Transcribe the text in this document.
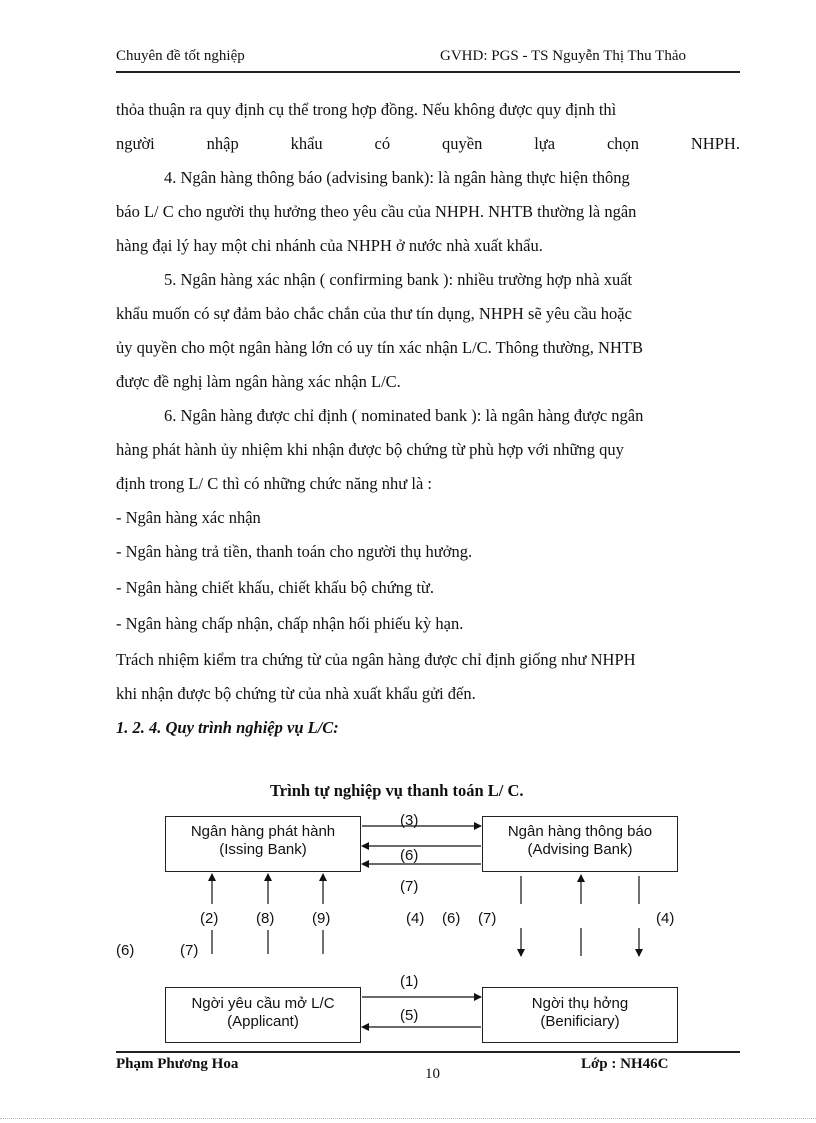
Chuyên đề tốt nghiệp	GVHD: PGS - TS Nguyễn Thị Thu Thảo
thỏa thuận ra quy định cụ thể trong hợp đồng. Nếu không được quy định thì
người	nhập	khẩu	có	quyền	lựa	chọn	NHPH.
4. Ngân hàng thông báo (advising bank): là ngân hàng thực hiện thông
báo L/ C cho người thụ hưởng theo yêu cầu của NHPH. NHTB thường là ngân
hàng đại lý hay một chi nhánh của NHPH ở nước nhà xuất khẩu.
5. Ngân hàng xác nhận ( confirming bank ): nhiều trường hợp nhà xuất
khẩu muốn có sự đảm bảo chắc chắn của thư tín dụng, NHPH sẽ yêu cầu hoặc
ủy quyền cho một ngân hàng lớn có uy tín xác nhận L/C. Thông thường, NHTB
được đề nghị làm ngân hàng xác nhận L/C.
6. Ngân hàng được chỉ định ( nominated bank ): là ngân hàng được ngân
hàng phát hành ủy nhiệm khi nhận được bộ chứng từ phù hợp với những quy
định trong L/ C thì có những chức năng như là :
- Ngân hàng xác nhận
- Ngân hàng trả tiền, thanh toán cho người thụ hưởng.
- Ngân hàng chiết khấu, chiết khấu bộ chứng từ.
- Ngân hàng chấp nhận, chấp nhận hối phiếu kỳ hạn.
Trách nhiệm kiểm tra chứng từ của ngân hàng được chỉ định giống như NHPH
khi nhận được bộ chứng từ của nhà xuất khẩu gửi đến.
1. 2. 4. Quy trình nghiệp vụ L/C:
Trình tự nghiệp vụ thanh toán L/ C.
Ngân hàng phát hành
(Issing Bank)
Ngân hàng thông báo
(Advising Bank)
Ngời yêu cầu mở L/C
(Applicant)
Ngời thụ hởng
(Benificiary)
(3)
(6)
(7)
(2)	(8)	(9)	(4) (6) (7)	(4)
(6)	(7)
(1)
(5)
Phạm Phương Hoa
10
Lớp : NH46C
